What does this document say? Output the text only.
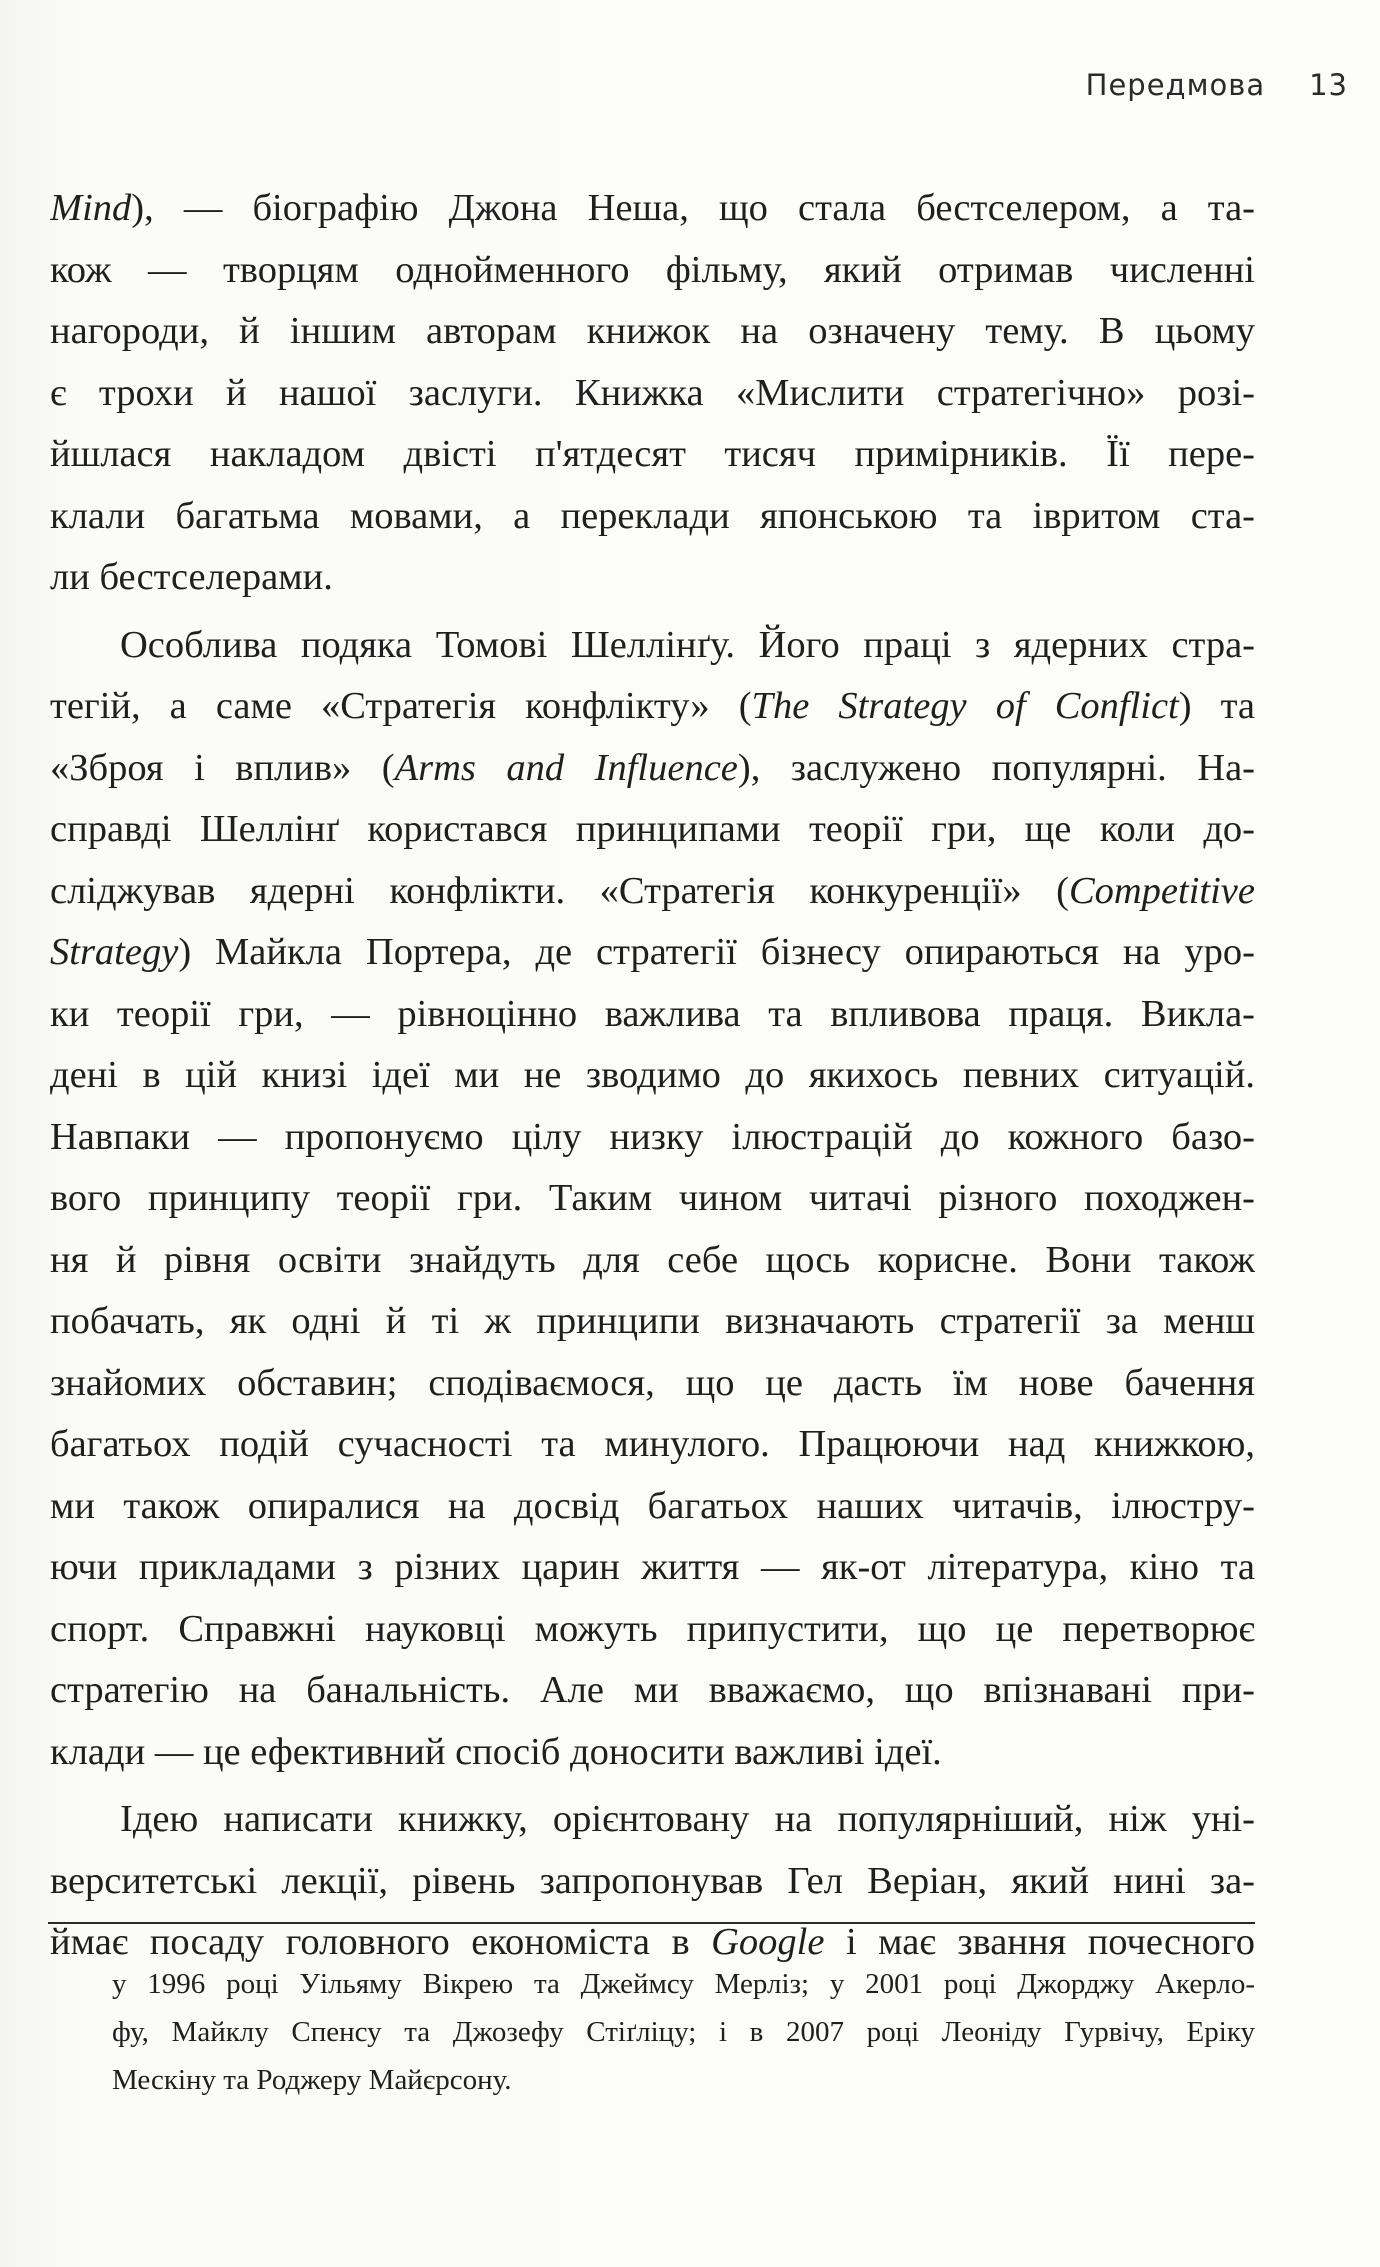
Передмова 13
Mind), — біографію Джона Неша, що стала бестселером, а та-
кож — творцям однойменного фільму, який отримав численні
нагороди, й іншим авторам книжок на означену тему. В цьому
є трохи й нашої заслуги. Книжка «Мислити стратегічно» розі-
йшлася накладом двісті п'ятдесят тисяч примірників. Її пере-
клали багатьма мовами, а переклади японською та івритом ста-
ли бестселерами.
Особлива подяка Томові Шеллінґу. Його праці з ядерних стра-
тегій, а саме «Стратегія конфлікту» (The Strategy of Conflict) та
«Зброя і вплив» (Arms and Influence), заслужено популярні. На-
справді Шеллінґ користався принципами теорії гри, ще коли до-
сліджував ядерні конфлікти. «Стратегія конкуренції» (Competitive
Strategy) Майкла Портера, де стратегії бізнесу опираються на уро-
ки теорії гри, — рівноцінно важлива та впливова праця. Викла-
дені в цій книзі ідеї ми не зводимо до якихось певних ситуацій.
Навпаки — пропонуємо цілу низку ілюстрацій до кожного базо-
вого принципу теорії гри. Таким чином читачі різного походжен-
ня й рівня освіти знайдуть для себе щось корисне. Вони також
побачать, як одні й ті ж принципи визначають стратегії за менш
знайомих обставин; сподіваємося, що це дасть їм нове бачення
багатьох подій сучасності та минулого. Працюючи над книжкою,
ми також опиралися на досвід багатьох наших читачів, ілюстру-
ючи прикладами з різних царин життя — як-от література, кіно та
спорт. Справжні науковці можуть припустити, що це перетворює
стратегію на банальність. Але ми вважаємо, що впізнавані при-
клади — це ефективний спосіб доносити важливі ідеї.
Ідею написати книжку, орієнтовану на популярніший, ніж уні-
верситетські лекції, рівень запропонував Гел Веріан, який нині за-
ймає посаду головного економіста в Google і має звання почесного
у 1996 році Уільяму Вікрею та Джеймсу Мерліз; у 2001 році Джорджу Акерло-
фу, Майклу Спенсу та Джозефу Стіґліцу; і в 2007 році Леоніду Гурвічу, Еріку
Мескіну та Роджеру Майєрсону.
